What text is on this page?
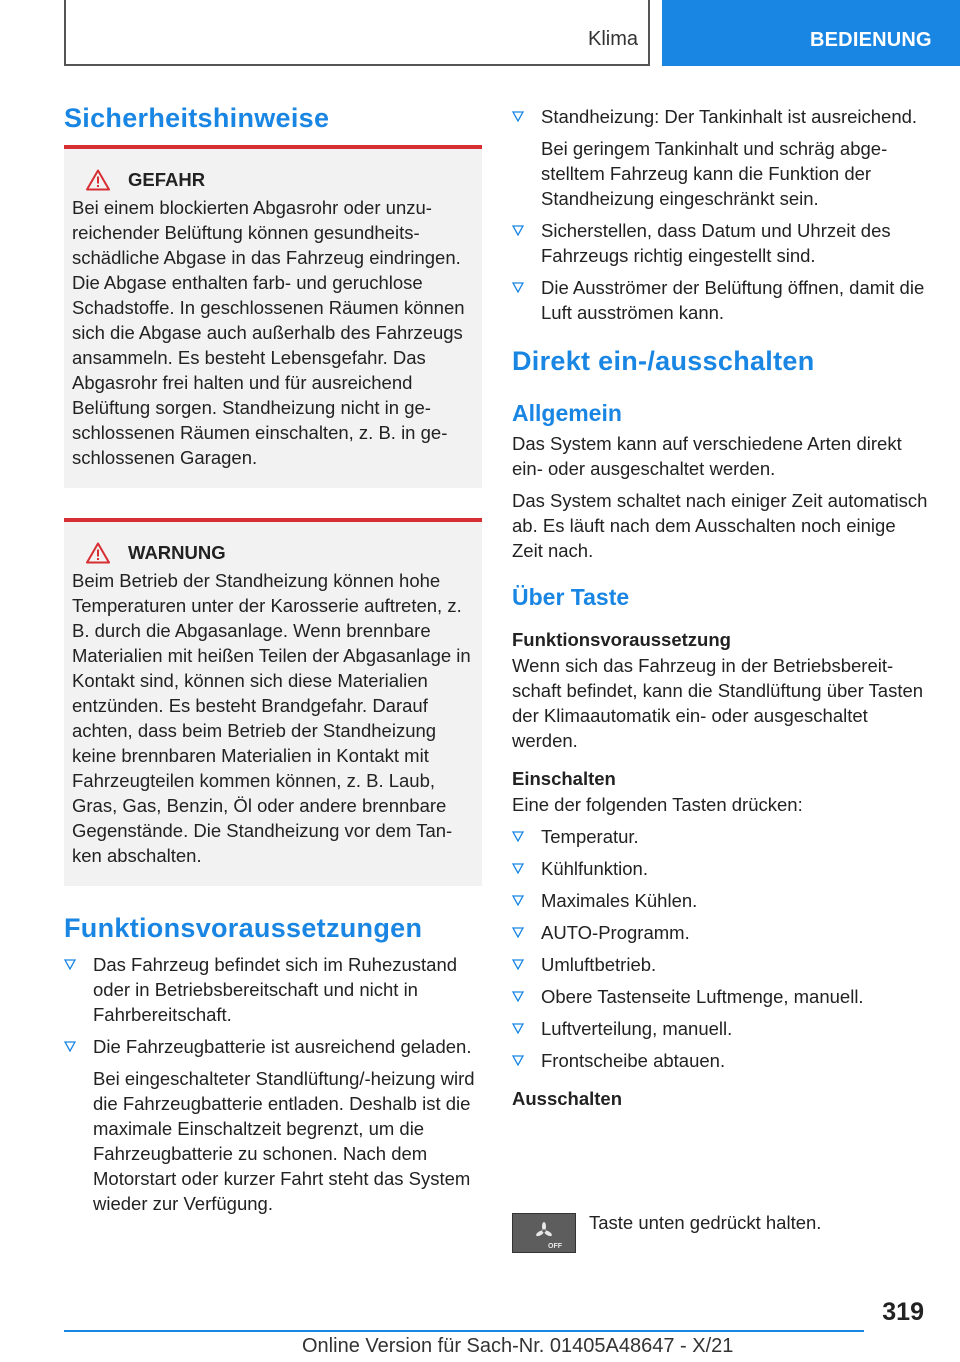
Klima	BEDIENUNG
Sicherheitshinweise
GEFAHR

Bei einem blockierten Abgasrohr oder unzureichender Belüftung können gesundheitsschädliche Abgase in das Fahrzeug eindringen. Die Abgase enthalten farb- und geruchlose Schadstoffe. In geschlossenen Räumen können sich die Abgase auch außerhalb des Fahrzeugs ansammeln. Es besteht Lebensgefahr. Das Abgasrohr frei halten und für ausreichend Belüftung sorgen. Standheizung nicht in geschlossenen Räumen einschalten, z. B. in geschlossenen Garagen.

WARNUNG

Beim Betrieb der Standheizung können hohe Temperaturen unter der Karosserie auftreten, z. B. durch die Abgasanlage. Wenn brennbare Materialien mit heißen Teilen der Abgasanlage in Kontakt sind, können sich diese Materialien entzünden. Es besteht Brandgefahr. Darauf achten, dass beim Betrieb der Standheizung keine brennbaren Materialien in Kontakt mit Fahrzeugteilen kommen können, z. B. Laub, Gras, Gas, Benzin, Öl oder andere brennbare Gegenstände. Die Standheizung vor dem Tanken abschalten.

Funktionsvoraussetzungen
Das Fahrzeug befindet sich im Ruhezustand oder in Betriebsbereitschaft und nicht in Fahrbereitschaft.
Die Fahrzeugbatterie ist ausreichend geladen.

Bei eingeschalteter Standlüftung/-heizung wird die Fahrzeugbatterie entladen. Deshalb ist die maximale Einschaltzeit begrenzt, um die Fahrzeugbatterie zu schonen. Nach dem Motorstart oder kurzer Fahrt steht das System wieder zur Verfügung.

Standheizung: Der Tankinhalt ist ausreichend.

Bei geringem Tankinhalt und schräg abgestelltem Fahrzeug kann die Funktion der Standheizung eingeschränkt sein.

Sicherstellen, dass Datum und Uhrzeit des Fahrzeugs richtig eingestellt sind.
Die Ausströmer der Belüftung öffnen, damit die Luft ausströmen kann.
Direkt ein-/ausschalten
Allgemein

Das System kann auf verschiedene Arten direkt ein- oder ausgeschaltet werden.

Das System schaltet nach einiger Zeit automatisch ab. Es läuft nach dem Ausschalten noch einige Zeit nach.

Über Taste
Funktionsvoraussetzung

Wenn sich das Fahrzeug in der Betriebsbereitschaft befindet, kann die Standlüftung über Tasten der Klimaautomatik ein- oder ausgeschaltet werden.

Einschalten

Eine der folgenden Tasten drücken:

Temperatur.
Kühlfunktion.
Maximales Kühlen.
AUTO-Programm.
Umluftbetrieb.
Obere Tastenseite Luftmenge, manuell.
Luftverteilung, manuell.
Frontscheibe abtauen.
Ausschalten
OFF

Taste unten gedrückt halten.

319
Online Version für Sach-Nr. 01405A48647 - X/21
